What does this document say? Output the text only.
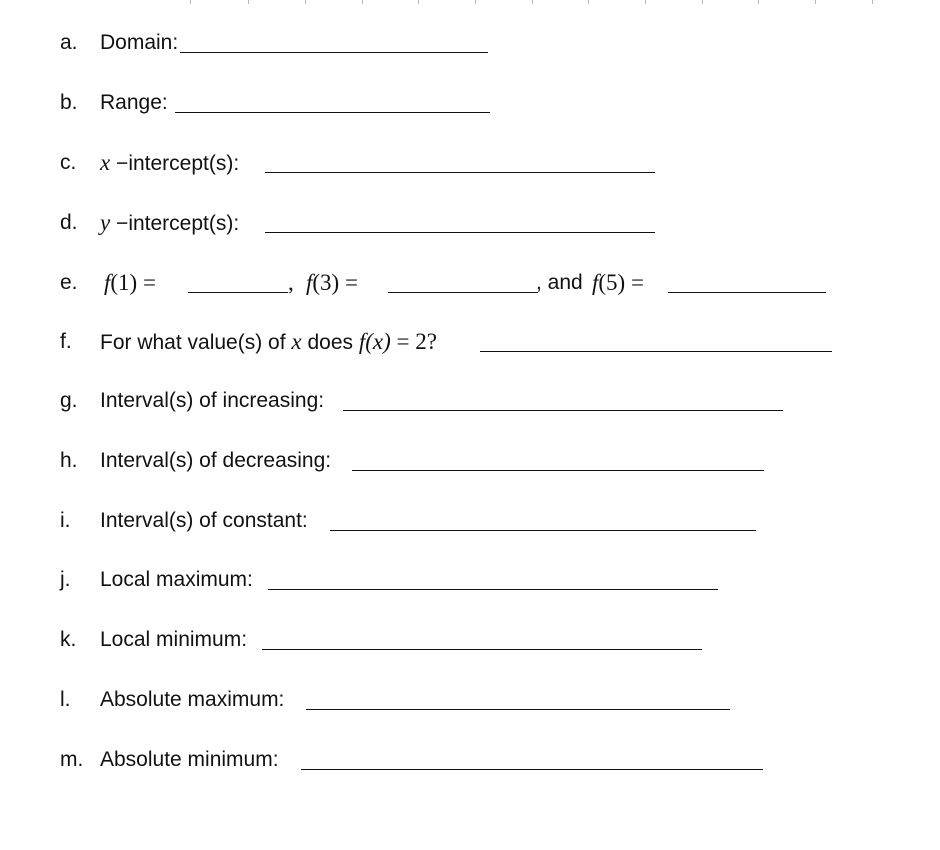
a. Domain:
b. Range:
c. x −intercept(s):
d. y −intercept(s):
e. f(1) =	, f(3) =	, and f(5) =
f. For what value(s) of x does f(x) = 2?
g. Interval(s) of increasing:
h. Interval(s) of decreasing:
i. Interval(s) of constant:
j. Local maximum:
k. Local minimum:
l. Absolute maximum:
m. Absolute minimum:
